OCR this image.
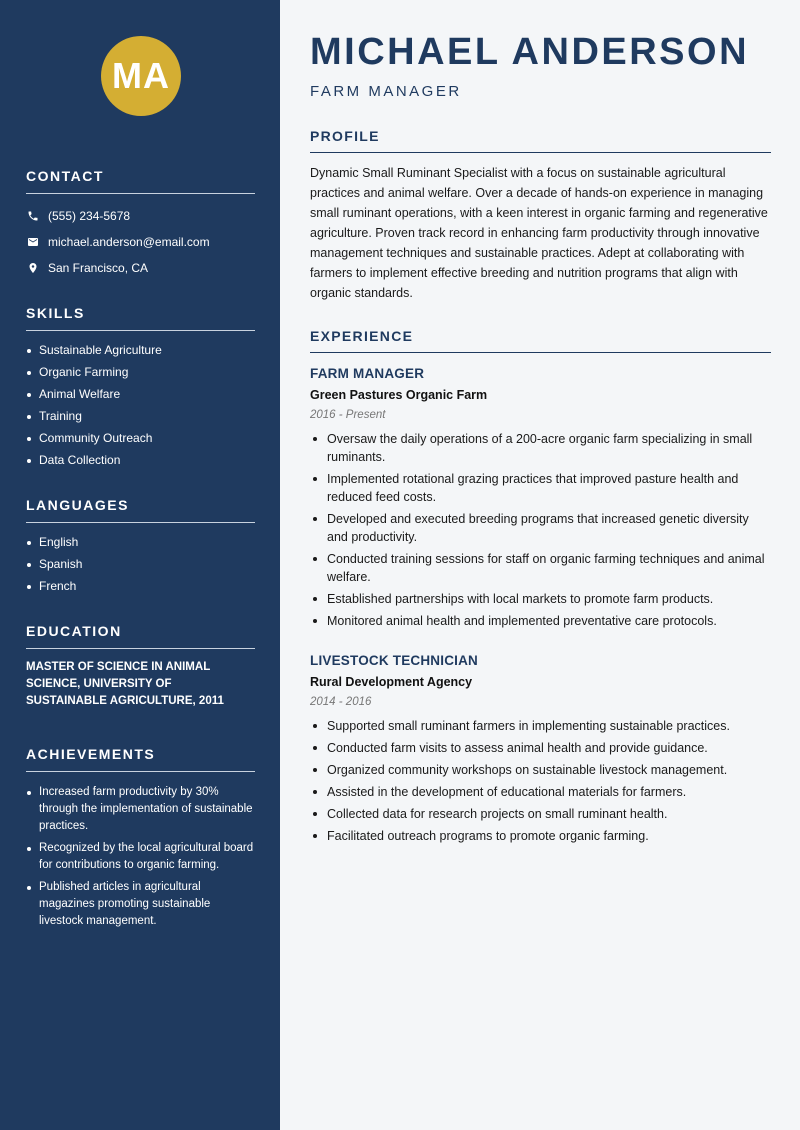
MA
CONTACT
(555) 234-5678
michael.anderson@email.com
San Francisco, CA
SKILLS
Sustainable Agriculture
Organic Farming
Animal Welfare
Training
Community Outreach
Data Collection
LANGUAGES
English
Spanish
French
EDUCATION

MASTER OF SCIENCE IN ANIMAL SCIENCE, UNIVERSITY OF SUSTAINABLE AGRICULTURE, 2011

ACHIEVEMENTS
Increased farm productivity by 30% through the implementation of sustainable practices.
Recognized by the local agricultural board for contributions to organic farming.
Published articles in agricultural magazines promoting sustainable livestock management.
MICHAEL ANDERSON
FARM MANAGER
PROFILE

Dynamic Small Ruminant Specialist with a focus on sustainable agricultural practices and animal welfare. Over a decade of hands-on experience in managing small ruminant operations, with a keen interest in organic farming and regenerative agriculture. Proven track record in enhancing farm productivity through innovative management techniques and sustainable practices. Adept at collaborating with farmers to implement effective breeding and nutrition programs that align with organic standards.

EXPERIENCE
FARM MANAGER
Green Pastures Organic Farm
2016 - Present
Oversaw the daily operations of a 200-acre organic farm specializing in small ruminants.
Implemented rotational grazing practices that improved pasture health and reduced feed costs.
Developed and executed breeding programs that increased genetic diversity and productivity.
Conducted training sessions for staff on organic farming techniques and animal welfare.
Established partnerships with local markets to promote farm products.
Monitored animal health and implemented preventative care protocols.
LIVESTOCK TECHNICIAN
Rural Development Agency
2014 - 2016
Supported small ruminant farmers in implementing sustainable practices.
Conducted farm visits to assess animal health and provide guidance.
Organized community workshops on sustainable livestock management.
Assisted in the development of educational materials for farmers.
Collected data for research projects on small ruminant health.
Facilitated outreach programs to promote organic farming.
